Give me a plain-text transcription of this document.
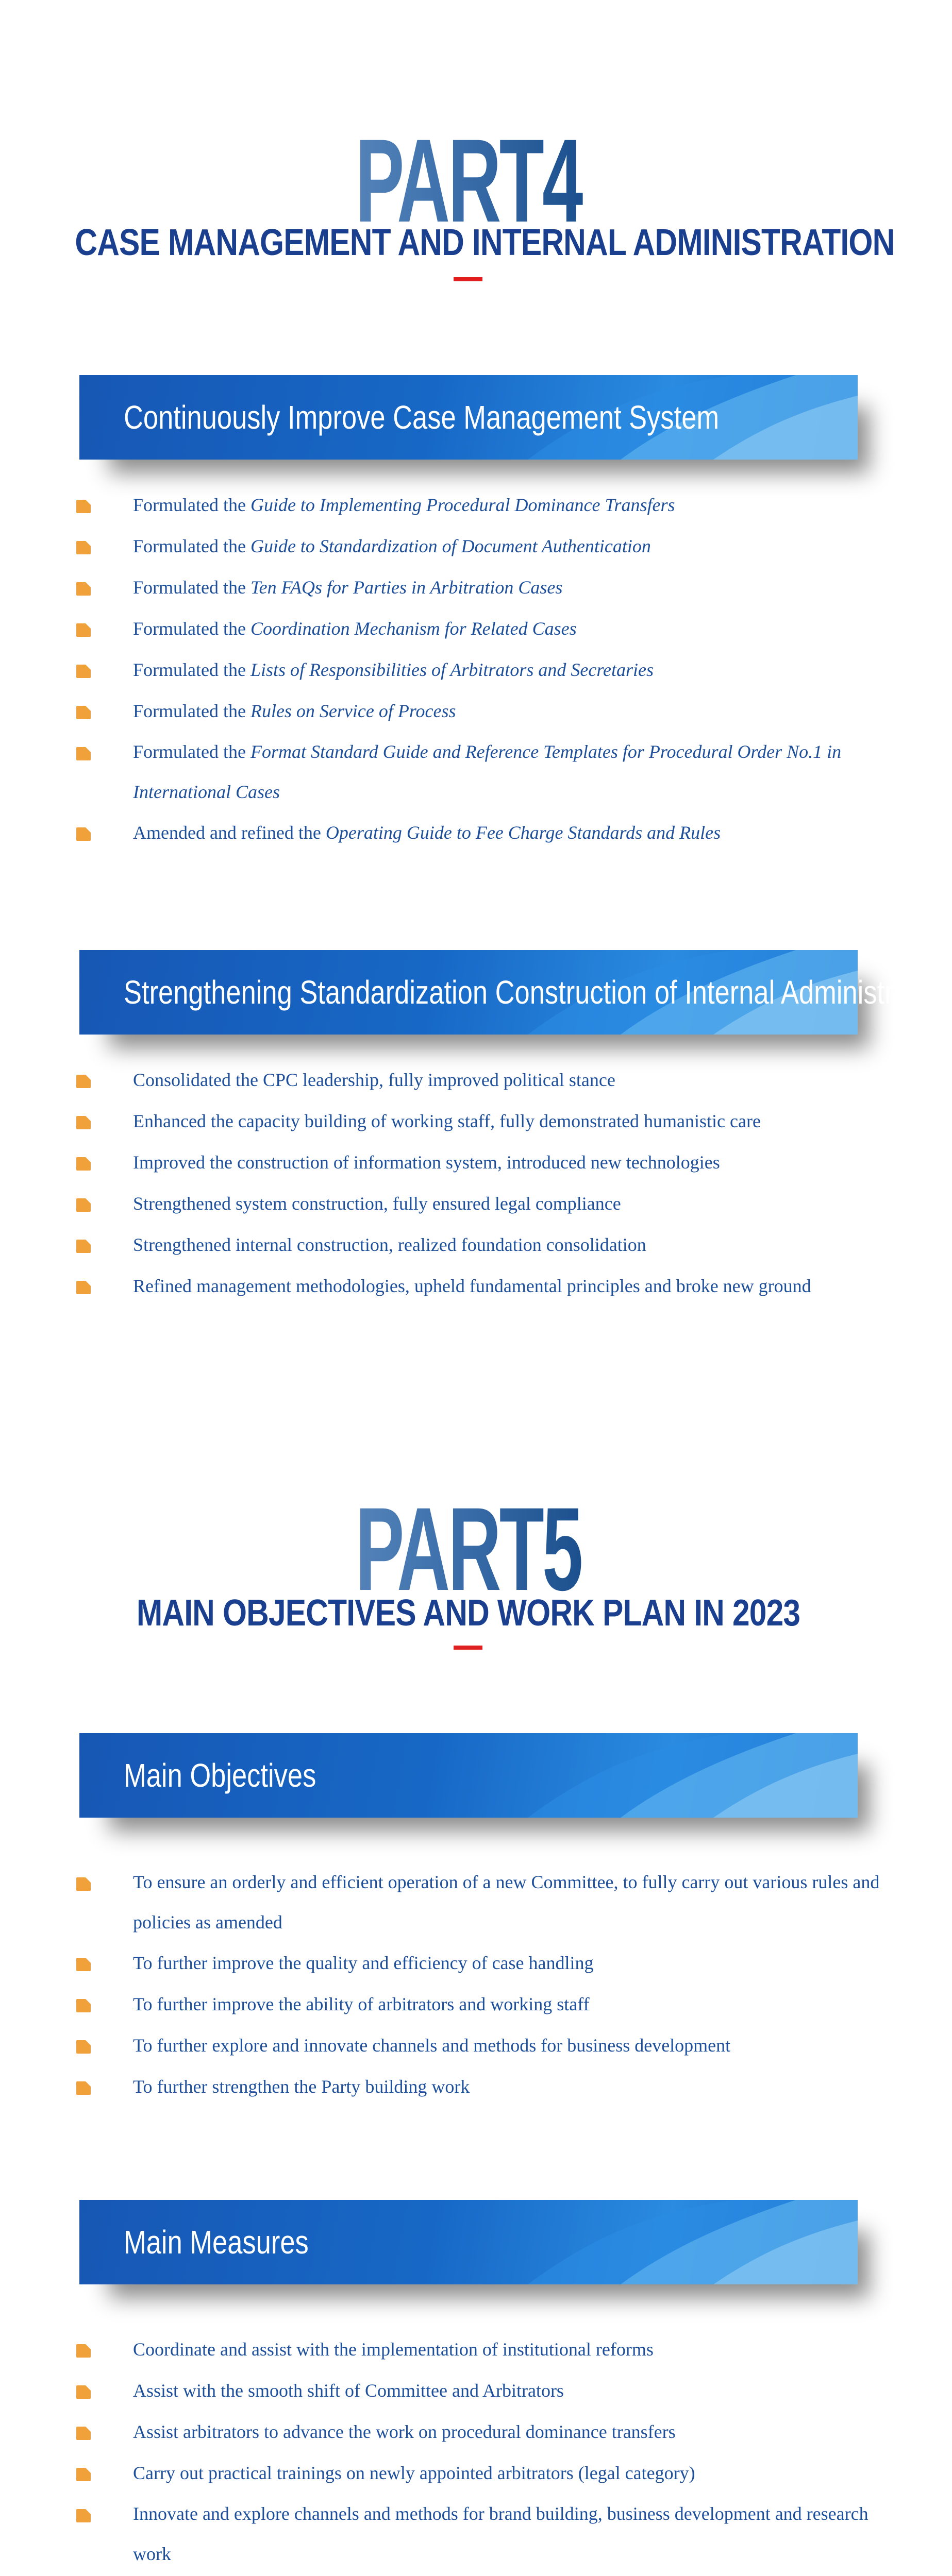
PART4
CASE MANAGEMENT AND INTERNAL ADMINISTRATION
Continuously Improve Case Management System
Formulated the Guide to Implementing Procedural Dominance Transfers
Formulated the Guide to Standardization of Document Authentication
Formulated the Ten FAQs for Parties in Arbitration Cases
Formulated the Coordination Mechanism for Related Cases
Formulated the Lists of Responsibilities of Arbitrators and Secretaries
Formulated the Rules on Service of Process
Formulated the Format Standard Guide and Reference Templates for Procedural Order No.1 in International Cases
Amended and refined the Operating Guide to Fee Charge Standards and Rules
Strengthening Standardization Construction of Internal Administration
Consolidated the CPC leadership, fully improved political stance
Enhanced the capacity building of working staff, fully demonstrated humanistic care
Improved the construction of information system, introduced new technologies
Strengthened system construction, fully ensured legal compliance
Strengthened internal construction, realized foundation consolidation
Refined management methodologies, upheld fundamental principles and broke new ground
PART5
MAIN OBJECTIVES AND WORK PLAN IN 2023
Main Objectives
To ensure an orderly and efficient operation of a new Committee, to fully carry out various rules and policies as amended
To further improve the quality and efficiency of case handling
To further improve the ability of arbitrators and working staff
To further explore and innovate channels and methods for business development
To further strengthen the Party building work
Main Measures
Coordinate and assist with the implementation of institutional reforms
Assist with the smooth shift of Committee and Arbitrators
Assist arbitrators to advance the work on procedural dominance transfers
Carry out practical trainings on newly appointed arbitrators (legal category)
Innovate and explore channels and methods for brand building, business development and research work
